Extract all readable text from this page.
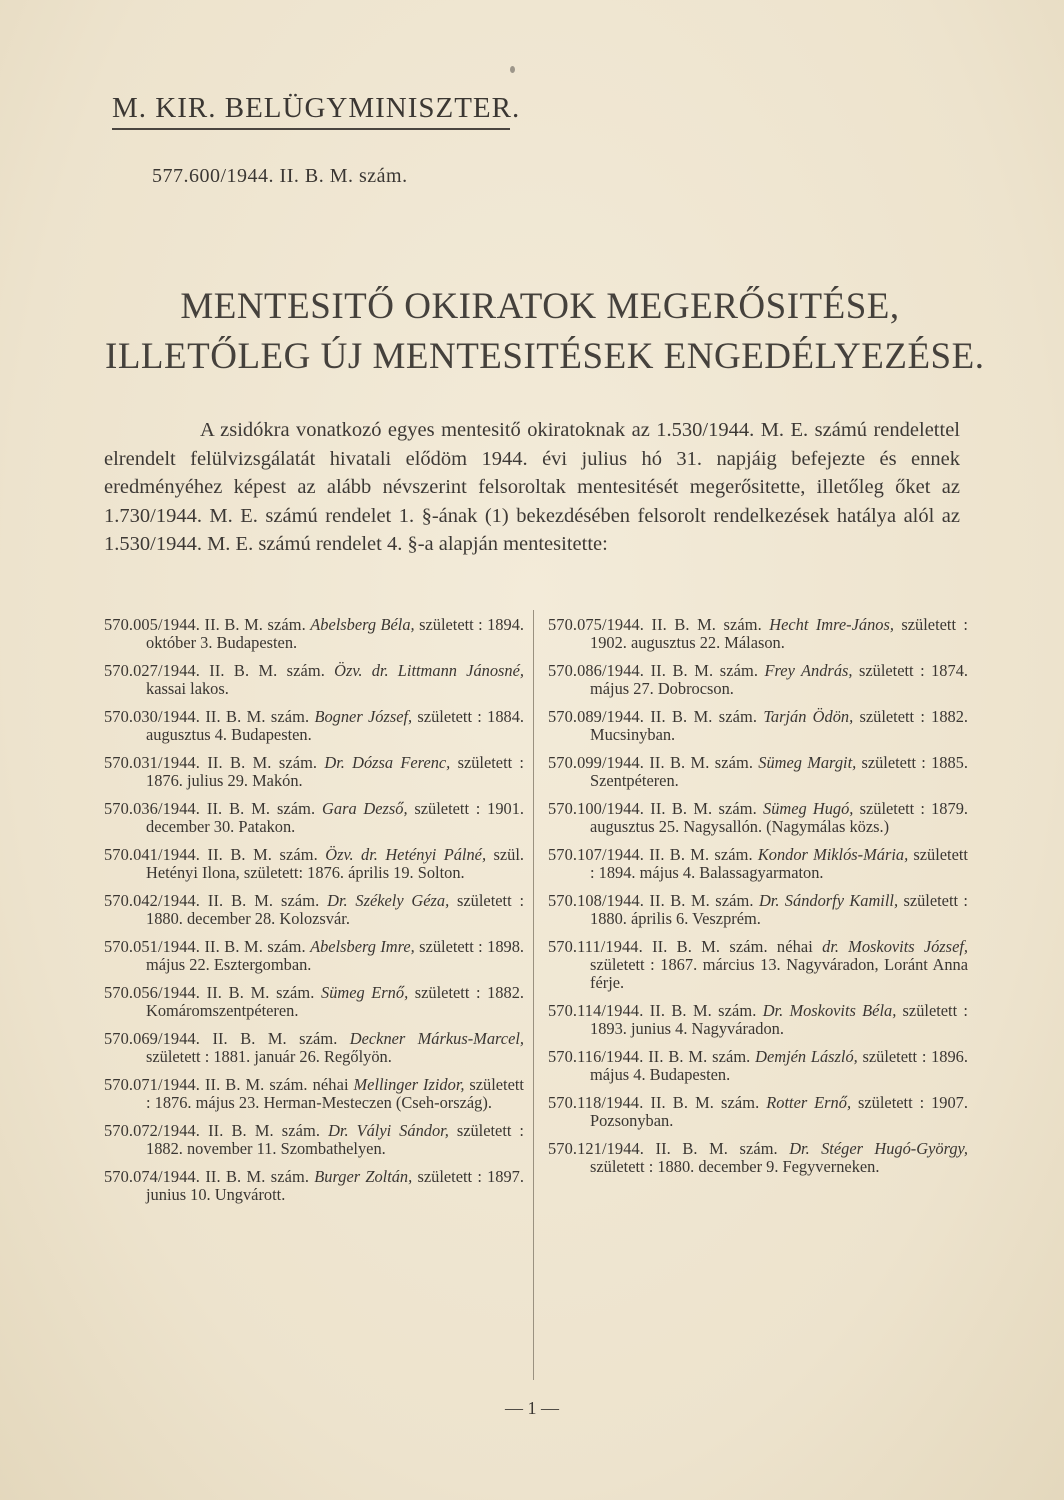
M. KIR. BELÜGYMINISZTER.
577.600/1944. II. B. M. szám.
MENTESITŐ OKIRATOK MEGERŐSITÉSE,
ILLETŐLEG ÚJ MENTESITÉSEK ENGEDÉLYEZÉSE.
A zsidókra vonatkozó egyes mentesitő okiratoknak az 1.530/1944. M. E. számú rendelettel elrendelt felülvizsgálatát hivatali elődöm 1944. évi julius hó 31. napjáig befejezte és ennek eredményéhez képest az alább névszerint felsoroltak mentesitését megerősitette, illetőleg őket az 1.730/1944. M. E. számú rendelet 1. §-ának (1) bekezdésében felsorolt rendelkezések hatálya alól az 1.530/1944. M. E. számú rendelet 4. §-a alapján mentesitette:
570.005/1944. II. B. M. szám. Abelsberg Béla, született : 1894. október 3. Budapesten.
570.027/1944. II. B. M. szám. Özv. dr. Littmann Jánosné, kassai lakos.
570.030/1944. II. B. M. szám. Bogner József, született : 1884. augusztus 4. Budapesten.
570.031/1944. II. B. M. szám. Dr. Dózsa Ferenc, született : 1876. julius 29. Makón.
570.036/1944. II. B. M. szám. Gara Dezső, született : 1901. december 30. Patakon.
570.041/1944. II. B. M. szám. Özv. dr. Hetényi Pálné, szül. Hetényi Ilona, született: 1876. április 19. Solton.
570.042/1944. II. B. M. szám. Dr. Székely Géza, született : 1880. december 28. Kolozsvár.
570.051/1944. II. B. M. szám. Abelsberg Imre, született : 1898. május 22. Esztergomban.
570.056/1944. II. B. M. szám. Sümeg Ernő, született : 1882. Komáromszentpéteren.
570.069/1944. II. B. M. szám. Deckner Márkus-Marcel, született : 1881. január 26. Regőlyön.
570.071/1944. II. B. M. szám. néhai Mellinger Izidor, született : 1876. május 23. Herman-Mesteczen (Cseh-ország).
570.072/1944. II. B. M. szám. Dr. Vályi Sándor, született : 1882. november 11. Szombathelyen.
570.074/1944. II. B. M. szám. Burger Zoltán, született : 1897. junius 10. Ungvárott.
570.075/1944. II. B. M. szám. Hecht Imre-János, született : 1902. augusztus 22. Málason.
570.086/1944. II. B. M. szám. Frey András, született : 1874. május 27. Dobrocson.
570.089/1944. II. B. M. szám. Tarján Ödön, született : 1882. Mucsinyban.
570.099/1944. II. B. M. szám. Sümeg Margit, született : 1885. Szentpéteren.
570.100/1944. II. B. M. szám. Sümeg Hugó, született : 1879. augusztus 25. Nagysallón. (Nagymálas közs.)
570.107/1944. II. B. M. szám. Kondor Miklós-Mária, született : 1894. május 4. Balassagyarmaton.
570.108/1944. II. B. M. szám. Dr. Sándorfy Kamill, született : 1880. április 6. Veszprém.
570.111/1944. II. B. M. szám. néhai dr. Moskovits József, született : 1867. március 13. Nagyváradon, Loránt Anna férje.
570.114/1944. II. B. M. szám. Dr. Moskovits Béla, született : 1893. junius 4. Nagyváradon.
570.116/1944. II. B. M. szám. Demjén László, született : 1896. május 4. Budapesten.
570.118/1944. II. B. M. szám. Rotter Ernő, született : 1907. Pozsonyban.
570.121/1944. II. B. M. szám. Dr. Stéger Hugó-György, született : 1880. december 9. Fegyverneken.
— 1 —
